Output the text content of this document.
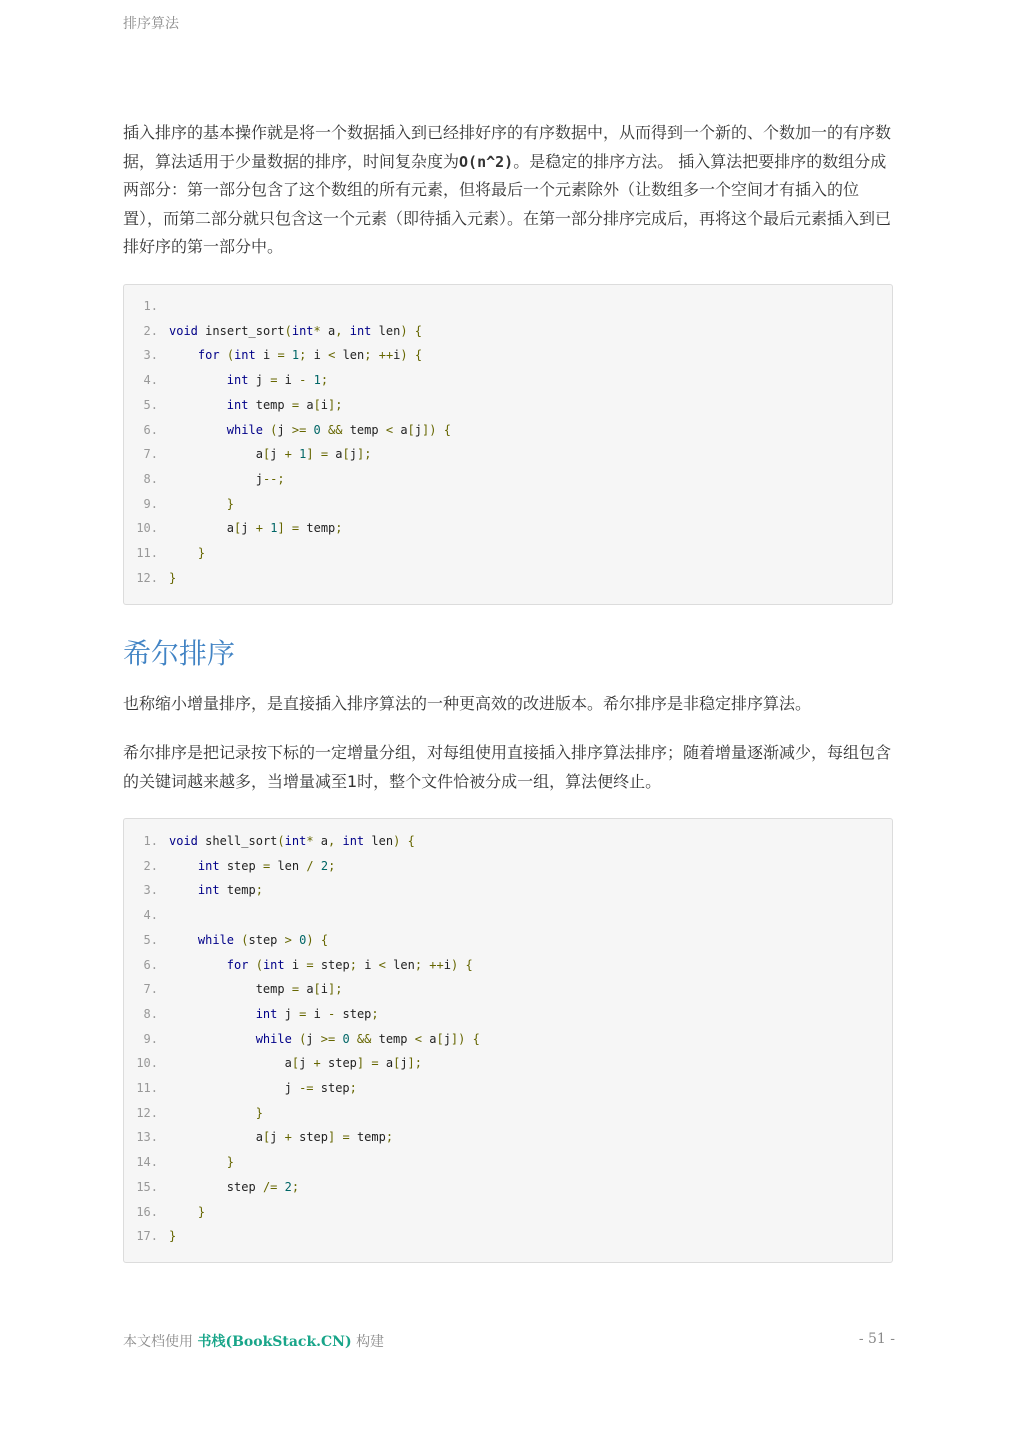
排序算法

插入排序的基本操作就是将一个数据插入到已经排好序的有序数据中，从而得到一个新的、个数加一的有序数据，算法适用于少量数据的排序，时间复杂度为O(n^2)。是稳定的排序方法。 插入算法把要排序的数组分成两部分：第一部分包含了这个数组的所有元素，但将最后一个元素除外（让数组多一个空间才有插入的位置），而第二部分就只包含这一个元素（即待插入元素）。在第一部分排序完成后，再将这个最后元素插入到已排好序的第一部分中。

1.
2. void insert_sort(int* a, int len) {
3.	for (int i = 1; i < len; ++i) {
4.	int j = i - 1;
5.	int temp = a[i];
6.	while (j >= 0 && temp < a[j]) {
7.	a[j + 1] = a[j];
8.	j--;
9.	}
10.	a[j + 1] = temp;
11.	}
12. }
希尔排序

也称缩小增量排序，是直接插入排序算法的一种更高效的改进版本。希尔排序是非稳定排序算法。

希尔排序是把记录按下标的一定增量分组，对每组使用直接插入排序算法排序；随着增量逐渐减少，每组包含的关键词越来越多，当增量减至1时，整个文件恰被分成一组，算法便终止。

1. void shell_sort(int* a, int len) {
2.	int step = len / 2;
3.	int temp;
4.
5.	while (step > 0) {
6.	for (int i = step; i < len; ++i) {
7.	temp = a[i];
8.	int j = i - step;
9.	while (j >= 0 && temp < a[j]) {
10.	a[j + step] = a[j];
11.	j -= step;
12.	}
13.	a[j + step] = temp;
14.	}
15.	step /= 2;
16.	}
17. }
本文档使用 书栈(BookStack.CN) 构建	- 51 -
